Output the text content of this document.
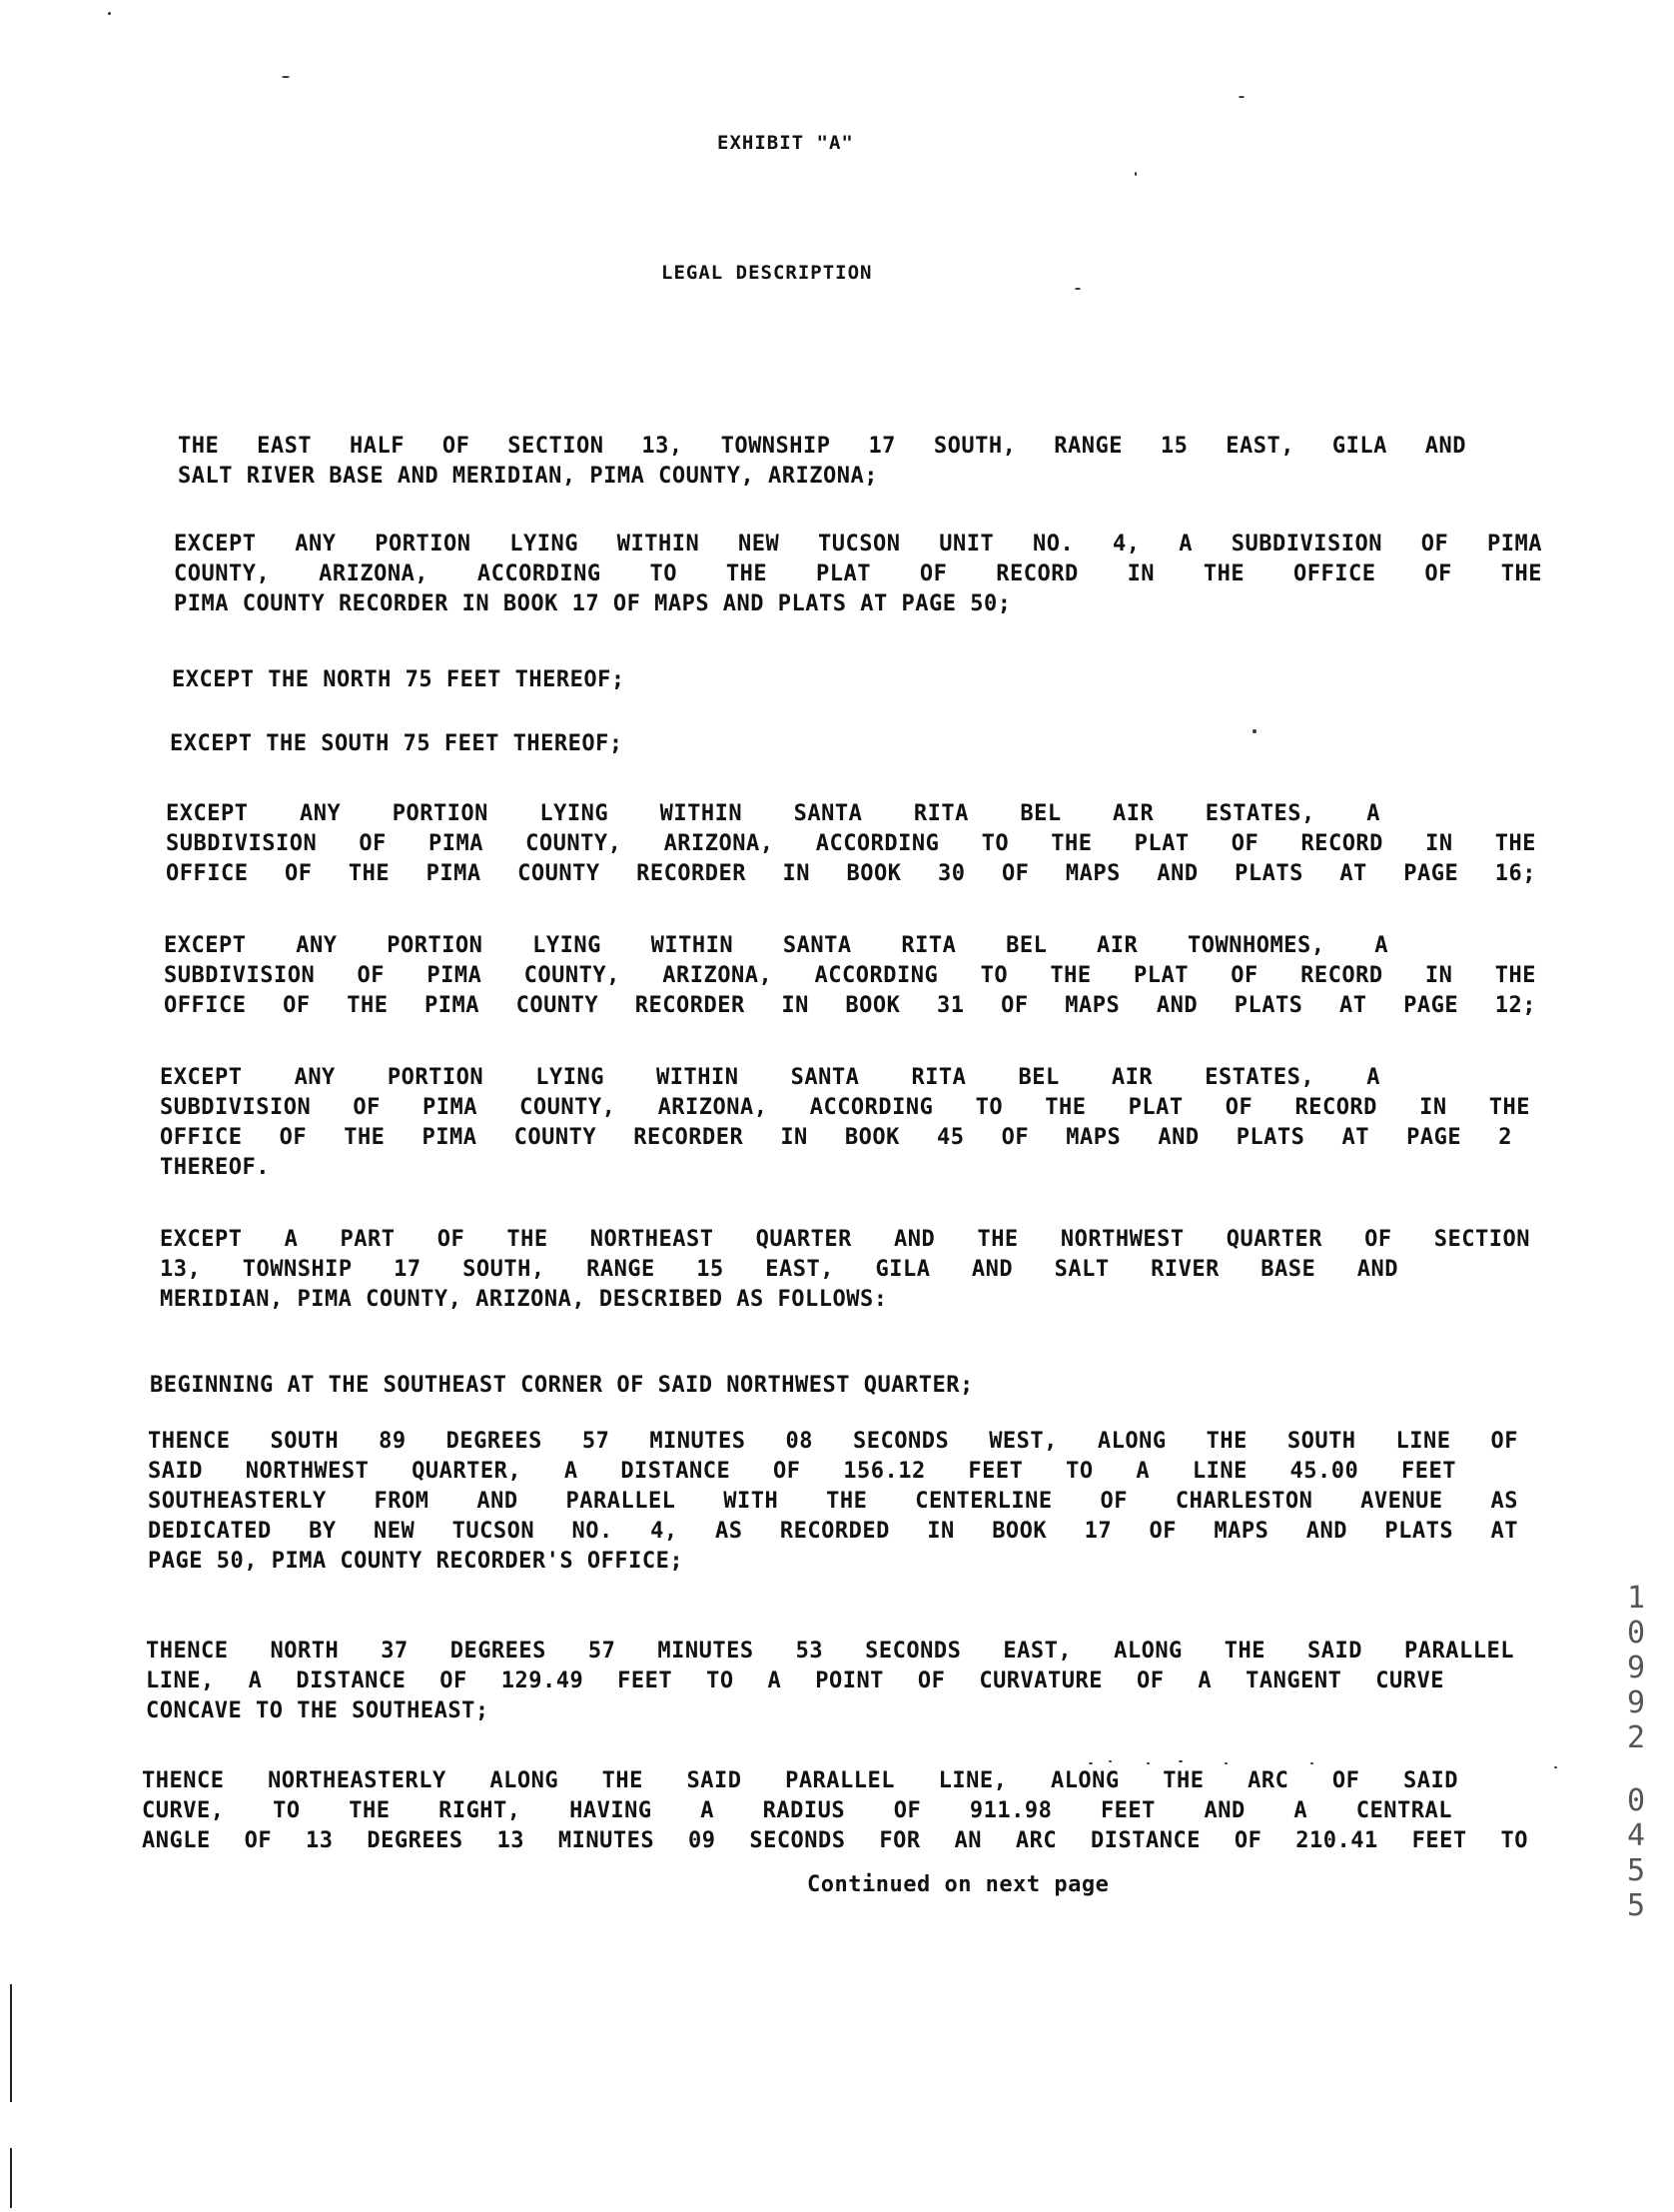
EXHIBIT "A"
LEGAL DESCRIPTION
THE EAST HALF OF SECTION 13, TOWNSHIP 17 SOUTH, RANGE 15 EAST, GILA AND
SALT RIVER BASE AND MERIDIAN, PIMA COUNTY, ARIZONA;
EXCEPT ANY PORTION LYING WITHIN NEW TUCSON UNIT NO. 4, A SUBDIVISION OF PIMA
COUNTY, ARIZONA, ACCORDING TO THE PLAT OF RECORD IN THE OFFICE OF THE
PIMA COUNTY RECORDER IN BOOK 17 OF MAPS AND PLATS AT PAGE 50;
EXCEPT THE NORTH 75 FEET THEREOF;
EXCEPT THE SOUTH 75 FEET THEREOF;
EXCEPT ANY PORTION LYING WITHIN SANTA RITA BEL AIR ESTATES, A
SUBDIVISION OF PIMA COUNTY, ARIZONA, ACCORDING TO THE PLAT OF RECORD IN THE
OFFICE OF THE PIMA COUNTY RECORDER IN BOOK 30 OF MAPS AND PLATS AT PAGE 16;
EXCEPT ANY PORTION LYING WITHIN SANTA RITA BEL AIR TOWNHOMES, A
SUBDIVISION OF PIMA COUNTY, ARIZONA, ACCORDING TO THE PLAT OF RECORD IN THE
OFFICE OF THE PIMA COUNTY RECORDER IN BOOK 31 OF MAPS AND PLATS AT PAGE 12;
EXCEPT ANY PORTION LYING WITHIN SANTA RITA BEL AIR ESTATES, A
SUBDIVISION OF PIMA COUNTY, ARIZONA, ACCORDING TO THE PLAT OF RECORD IN THE
OFFICE OF THE PIMA COUNTY RECORDER IN BOOK 45 OF MAPS AND PLATS AT PAGE 2
THEREOF.
EXCEPT A PART OF THE NORTHEAST QUARTER AND THE NORTHWEST QUARTER OF SECTION
13, TOWNSHIP 17 SOUTH, RANGE 15 EAST, GILA AND SALT RIVER BASE AND
MERIDIAN, PIMA COUNTY, ARIZONA, DESCRIBED AS FOLLOWS:
BEGINNING AT THE SOUTHEAST CORNER OF SAID NORTHWEST QUARTER;
THENCE SOUTH 89 DEGREES 57 MINUTES 08 SECONDS WEST, ALONG THE SOUTH LINE OF
SAID NORTHWEST QUARTER, A DISTANCE OF 156.12 FEET TO A LINE 45.00 FEET
SOUTHEASTERLY FROM AND PARALLEL WITH THE CENTERLINE OF CHARLESTON AVENUE AS
DEDICATED BY NEW TUCSON NO. 4, AS RECORDED IN BOOK 17 OF MAPS AND PLATS AT
PAGE 50, PIMA COUNTY RECORDER'S OFFICE;
THENCE NORTH 37 DEGREES 57 MINUTES 53 SECONDS EAST, ALONG THE SAID PARALLEL
LINE, A DISTANCE OF 129.49 FEET TO A POINT OF CURVATURE OF A TANGENT CURVE
CONCAVE TO THE SOUTHEAST;
THENCE NORTHEASTERLY ALONG THE SAID PARALLEL LINE, ALONG THE ARC OF SAID
CURVE, TO THE RIGHT, HAVING A RADIUS OF 911.98 FEET AND A CENTRAL
ANGLE OF 13 DEGREES 13 MINUTES 09 SECONDS FOR AN ARC DISTANCE OF 210.41 FEET TO
Continued on next page
1
0
9
9
2
0
4
5
5
